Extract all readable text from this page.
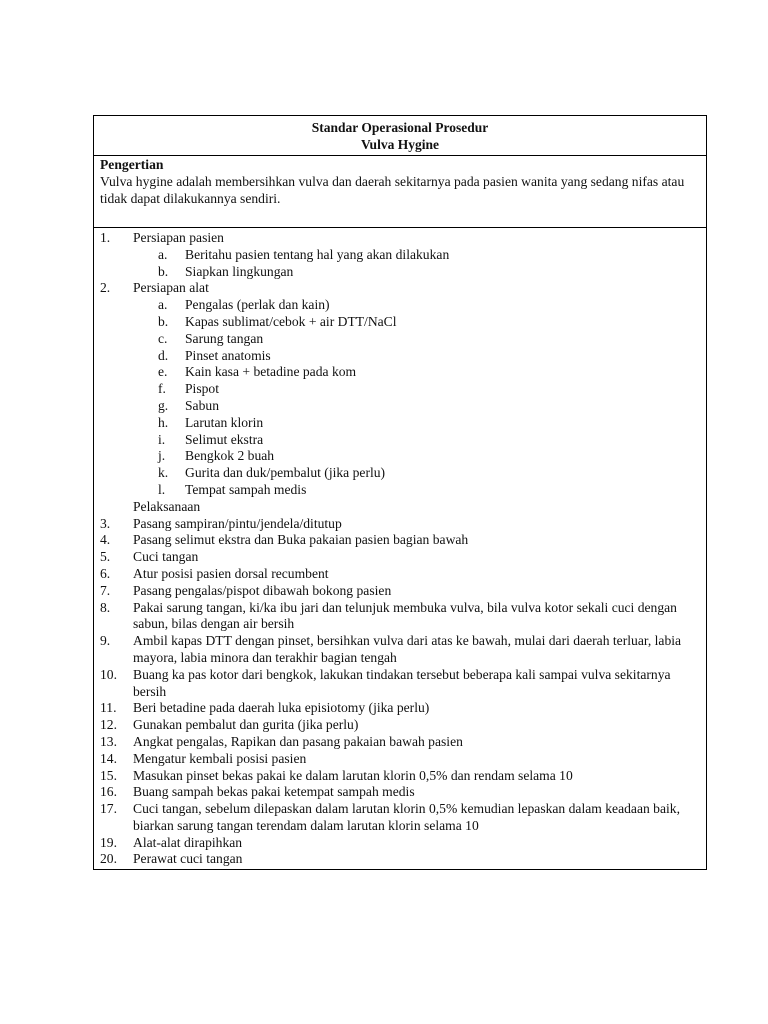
Standar Operasional Prosedur
Vulva Hygine
Pengertian
Vulva hygine adalah membersihkan vulva dan daerah sekitarnya pada pasien wanita yang sedang nifas atau tidak dapat dilakukannya sendiri.
1.	Persiapan pasien
a.	Beritahu pasien tentang hal yang akan dilakukan
b.	Siapkan lingkungan
2.	Persiapan alat
a.	Pengalas (perlak dan kain)
b.	Kapas sublimat/cebok + air DTT/NaCl
c.	Sarung tangan
d.	Pinset anatomis
e.	Kain kasa + betadine pada kom
f.	Pispot
g.	Sabun
h.	Larutan klorin
i.	Selimut ekstra
j.	Bengkok 2 buah
k.	Gurita dan duk/pembalut (jika perlu)
l.	Tempat sampah medis
Pelaksanaan
3.	Pasang sampiran/pintu/jendela/ditutup
4.	Pasang selimut ekstra dan Buka pakaian pasien bagian bawah
5.	Cuci tangan
6.	Atur posisi pasien dorsal recumbent
7.	Pasang pengalas/pispot dibawah bokong pasien
8.	Pakai sarung tangan, ki/ka ibu jari dan telunjuk membuka vulva, bila vulva kotor sekali cuci dengan sabun, bilas dengan air bersih
9.	Ambil kapas DTT dengan pinset, bersihkan vulva dari atas ke bawah, mulai dari daerah terluar, labia mayora, labia minora dan terakhir bagian tengah
10.	Buang ka pas kotor dari bengkok, lakukan tindakan tersebut beberapa kali sampai vulva sekitarnya bersih
11.	Beri betadine pada daerah luka episiotomy (jika perlu)
12.	Gunakan pembalut dan gurita (jika perlu)
13.	Angkat pengalas, Rapikan dan pasang pakaian bawah pasien
14.	Mengatur kembali posisi pasien
15.	Masukan pinset bekas pakai ke dalam larutan klorin 0,5% dan rendam selama 10
16.	Buang sampah bekas pakai ketempat sampah medis
17.	Cuci tangan, sebelum dilepaskan dalam larutan klorin 0,5% kemudian lepaskan dalam keadaan baik, biarkan sarung tangan terendam dalam larutan klorin selama 10
19.	Alat-alat dirapihkan
20.	Perawat cuci tangan
